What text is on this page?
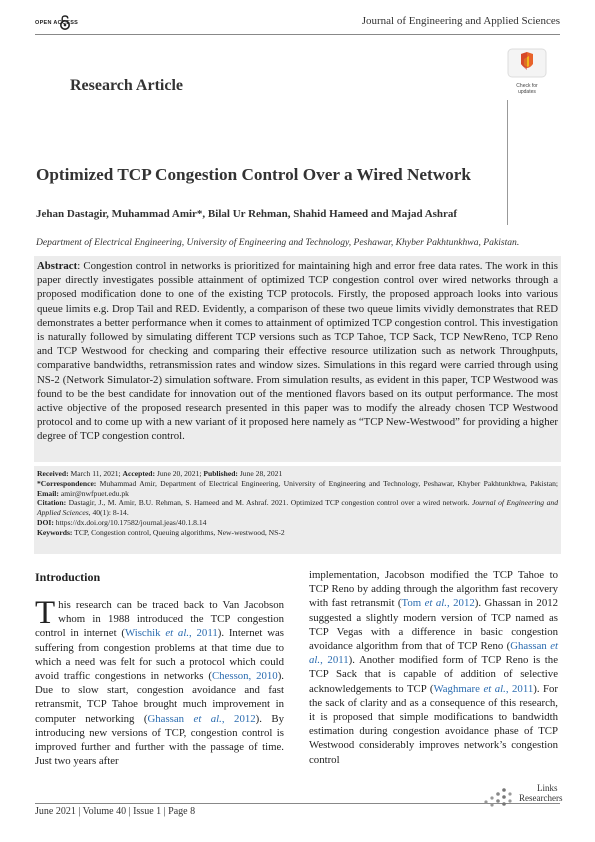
OPEN ACCESS	Journal of Engineering and Applied Sciences
Research Article	Check for
updates
Optimized TCP Congestion Control Over a Wired Network
Jehan Dastagir, Muhammad Amir*, Bilal Ur Rehman, Shahid Hameed and Majad Ashraf
Department of Electrical Engineering, University of Engineering and Technology, Peshawar, Khyber Pakhtunkhwa, Pakistan.
Abstract: Congestion control in networks is prioritized for maintaining high and error free data rates. The work in this paper directly investigates possible attainment of optimized TCP congestion control over wired networks through a proposed modification done to one of the existing TCP protocols. Firstly, the proposed approach looks into various queue limits e.g. Drop Tail and RED. Evidently, a comparison of these two queue limits vividly demonstrates that RED demonstrates a better performance when it comes to attainment of optimized TCP congestion control. This investigation is naturally followed by simulating different TCP versions such as TCP Tahoe, TCP Sack, TCP NewReno, TCP Reno and TCP Westwood for checking and comparing their effective resource utilization such as network Throughputs, comparative bandwidths, retransmission rates and window sizes. Simulations in this regard were carried through using NS-2 (Network Simulator-2) simulation software. From simulation results, as evident in this paper, TCP Westwood was found to be the best candidate for innovation out of the mentioned flavors based on its output performance. The most active objective of the proposed research presented in this paper was to modify the already chosen TCP Westwood protocol and to come up with a new variant of it proposed here namely as “TCP New-Westwood” for providing a higher degree of TCP congestion control.
Received: March 11, 2021; Accepted: June 20, 2021; Published: June 28, 2021
*Correspondence: Muhammad Amir, Department of Electrical Engineering, University of Engineering and Technology, Peshawar, Khyber Pakhtunkhwa, Pakistan; Email: amir@nwfpuet.edu.pk
Citation: Dastagir, J., M. Amir, B.U. Rehman, S. Hameed and M. Ashraf. 2021. Optimized TCP congestion control over a wired network. Journal of Engineering and Applied Sciences, 40(1): 8-14.
DOI: https://dx.doi.org/10.17582/journal.jeas/40.1.8.14
Keywords: TCP, Congestion control, Queuing algorithms, New-westwood, NS-2
Introduction
This research can be traced back to Van Jacobson whom in 1988 introduced the TCP congestion control in internet (Wischik et al., 2011). Internet was suffering from congestion problems at that time due to which a need was felt for such a protocol which could avoid traffic congestions in networks (Chesson, 2010). Due to slow start, congestion avoidance and fast retransmit, TCP Tahoe brought much improvement in computer networking (Ghassan et al., 2012). By introducing new versions of TCP, congestion control is improved further and further with the passage of time. Just two years after
implementation, Jacobson modified the TCP Tahoe to TCP Reno by adding through the algorithm fast recovery with fast retransmit (Tom et al., 2012). Ghassan in 2012 suggested a slightly modern version of TCP named as TCP Vegas with a difference in basic congestion avoidance algorithm from that of TCP Reno (Ghassan et al., 2011). Another modified form of TCP Reno is the TCP Sack that is capable of addition of selective acknowledgements to TCP (Waghmare et al., 2011). For the sack of clarity and as a consequence of this research, it is proposed that simple modifications to bandwidth estimation during congestion avoidance phase of TCP Westwood considerably improves network’s congestion control
June 2021 | Volume 40 | Issue 1 | Page 8
Links
Researchers
